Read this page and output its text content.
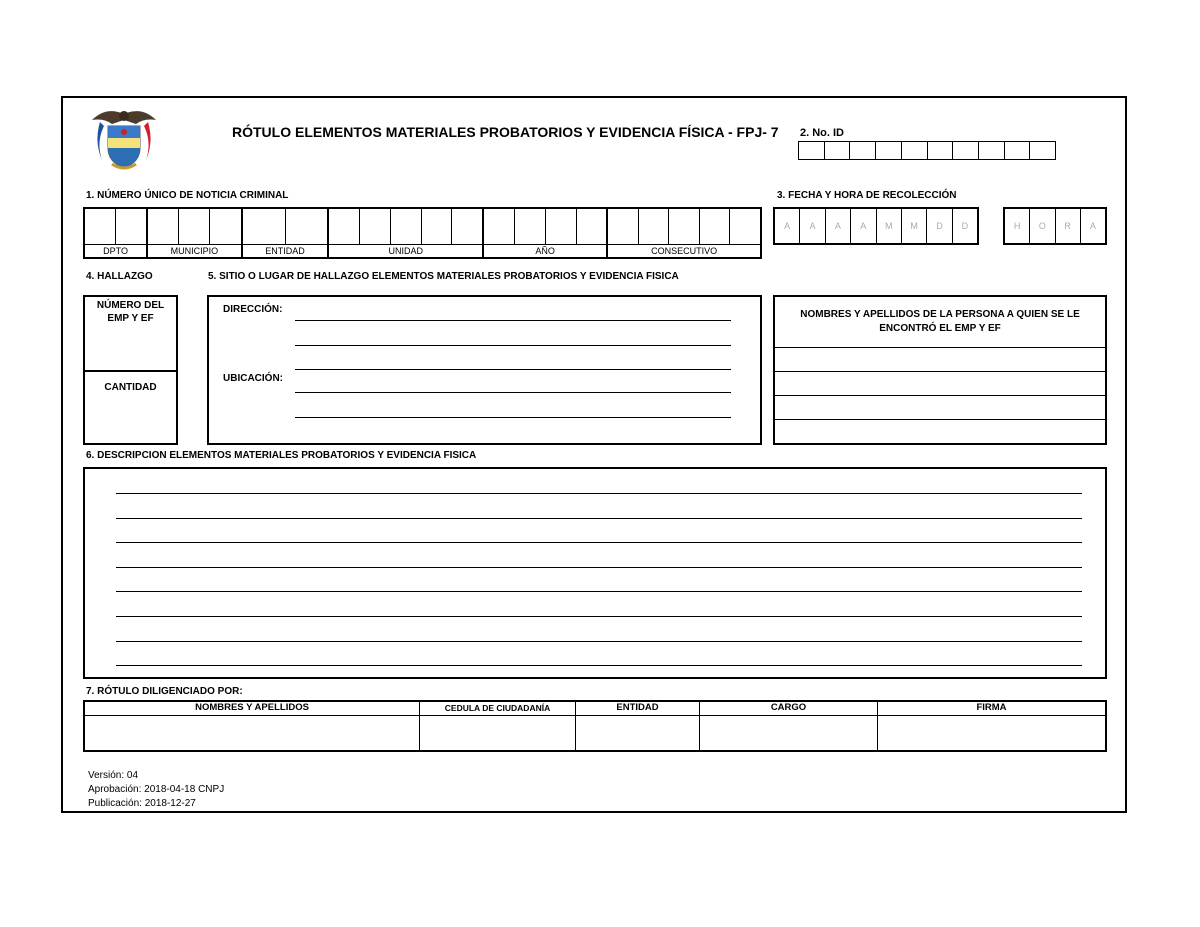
RÓTULO ELEMENTOS MATERIALES PROBATORIOS Y EVIDENCIA FÍSICA - FPJ- 7 2. No. ID
1. NÚMERO ÚNICO DE NOTICIA CRIMINAL
DPTO	MUNICIPIO	ENTIDAD	UNIDAD	AÑO	CONSECUTIVO
3. FECHA Y HORA DE RECOLECCIÓN
A	A	A	A	M	M	D	D	H	O	R	A
4. HALLAZGO	5. SITIO O LUGAR DE HALLAZGO ELEMENTOS MATERIALES PROBATORIOS Y EVIDENCIA FISICA
NÚMERO DEL EMP Y EF
CANTIDAD
DIRECCIÓN:
UBICACIÓN:
NOMBRES Y APELLIDOS DE LA PERSONA A QUIEN SE LE ENCONTRÓ EL EMP Y EF
6. DESCRIPCION ELEMENTOS MATERIALES PROBATORIOS Y EVIDENCIA FISICA
7. RÓTULO DILIGENCIADO POR:
NOMBRES Y APELLIDOS	CEDULA DE CIUDADANÍA	ENTIDAD	CARGO	FIRMA
Versión: 04
Aprobación: 2018-04-18 CNPJ
Publicación: 2018-12-27
